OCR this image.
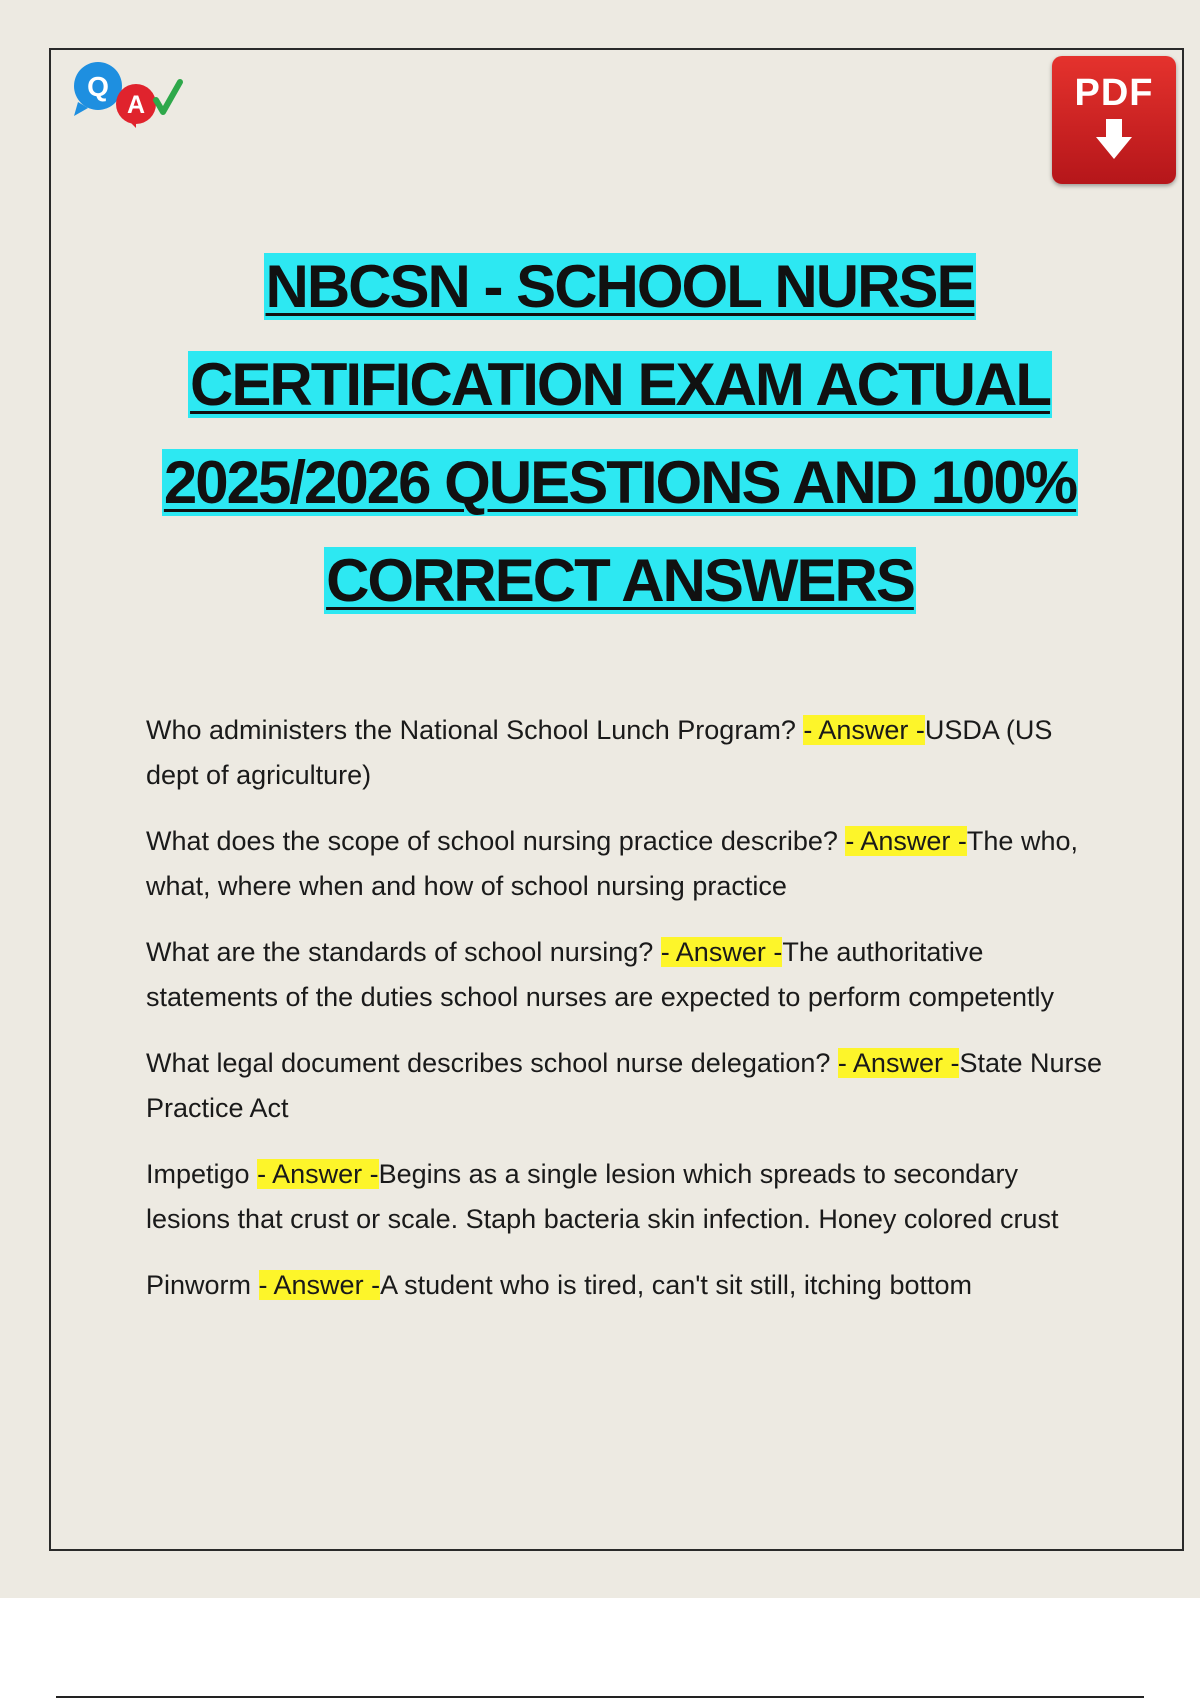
Q
A	PDF
NBCSN - SCHOOL NURSE
CERTIFICATION EXAM ACTUAL
2025/2026 QUESTIONS AND 100%
CORRECT ANSWERS

Who administers the National School Lunch Program? - Answer -USDA (US dept of agriculture)

What does the scope of school nursing practice describe? - Answer -The who, what, where when and how of school nursing practice

What are the standards of school nursing? - Answer -The authoritative statements of the duties school nurses are expected to perform competently

What legal document describes school nurse delegation? - Answer -State Nurse Practice Act

Impetigo - Answer -Begins as a single lesion which spreads to secondary lesions that crust or scale. Staph bacteria skin infection. Honey colored crust

Pinworm - Answer -A student who is tired, can't sit still, itching bottom
